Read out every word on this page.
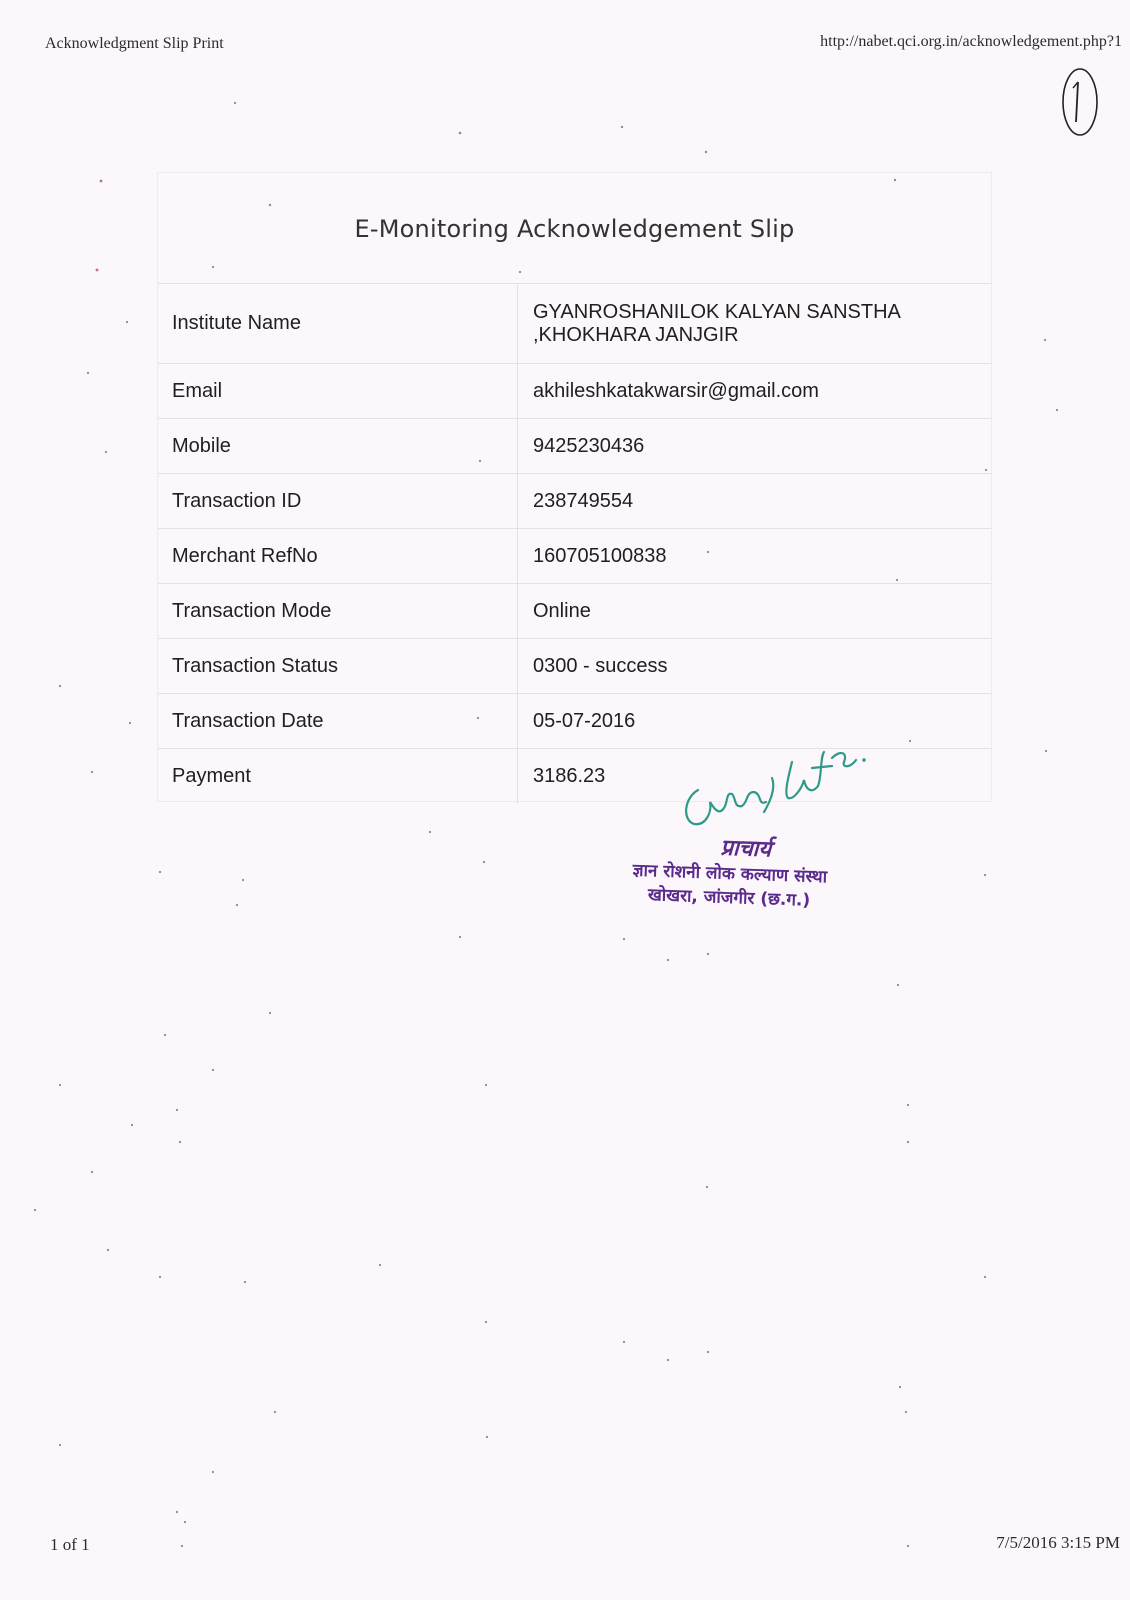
Acknowledgment Slip Print	http://nabet.qci.org.in/acknowledgement.php?1
E-Monitoring Acknowledgement Slip
Institute Name	GYANROSHANILOK KALYAN SANSTHA ,KHOKHARA JANJGIR
Email	akhileshkatakwarsir@gmail.com
Mobile	9425230436
Transaction ID	238749554
Merchant RefNo	160705100838
Transaction Mode	Online
Transaction Status	0300 - success
Transaction Date	05-07-2016
Payment	3186.23
प्राचार्य
ज्ञान रोशनी लोक कल्याण संस्था
खोखरा, जांजगीर (छ.ग.)
1 of 1	7/5/2016 3:15 PM
